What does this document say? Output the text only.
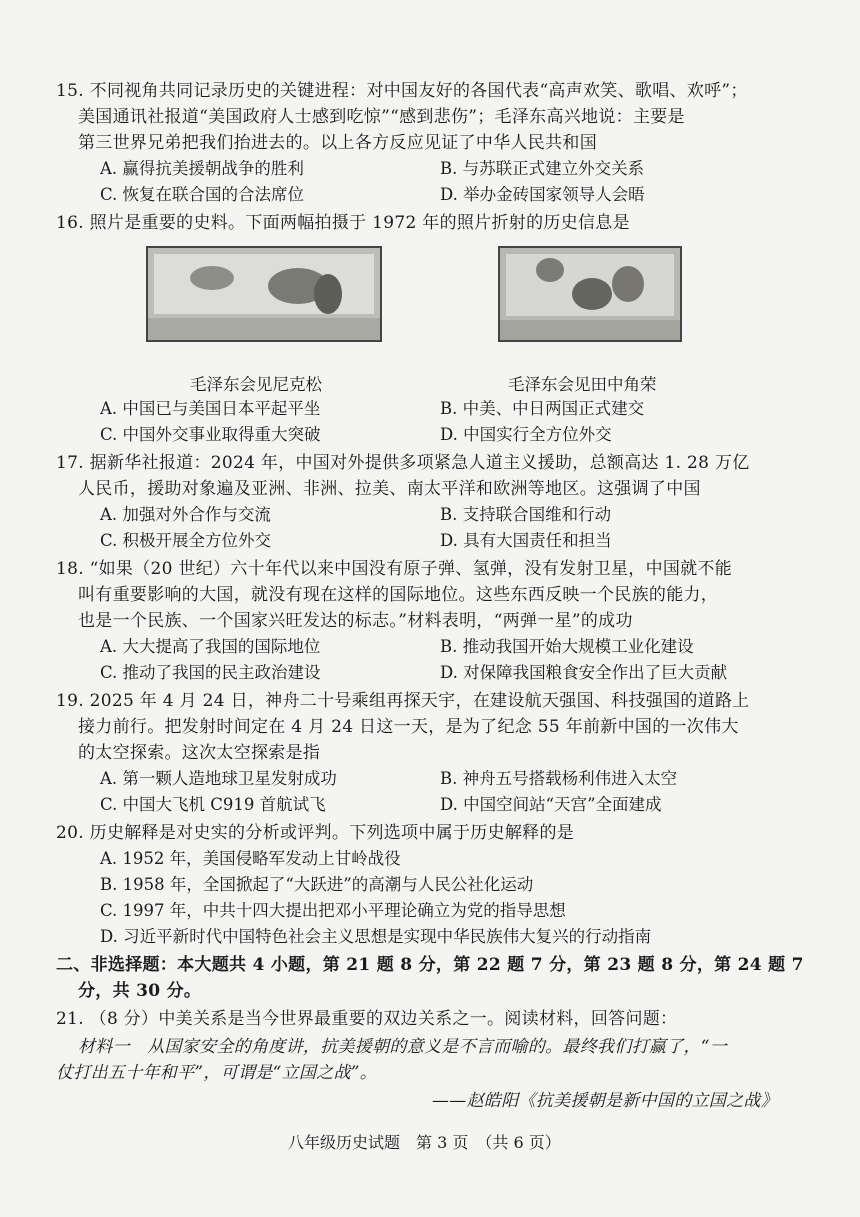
15. 不同视角共同记录历史的关键进程：对中国友好的各国代表“高声欢笑、歌唱、欢呼”；
美国通讯社报道“美国政府人士感到吃惊”“感到悲伤”；毛泽东高兴地说：主要是
第三世界兄弟把我们抬进去的。以上各方反应见证了中华人民共和国
A. 赢得抗美援朝战争的胜利	B. 与苏联正式建立外交关系
C. 恢复在联合国的合法席位	D. 举办金砖国家领导人会晤
16. 照片是重要的史料。下面两幅拍摄于 1972 年的照片折射的历史信息是
毛泽东会见尼克松	毛泽东会见田中角荣
A. 中国已与美国日本平起平坐	B. 中美、中日两国正式建交
C. 中国外交事业取得重大突破	D. 中国实行全方位外交
17. 据新华社报道：2024 年，中国对外提供多项紧急人道主义援助，总额高达 1. 28 万亿
人民币，援助对象遍及亚洲、非洲、拉美、南太平洋和欧洲等地区。这强调了中国
A. 加强对外合作与交流	B. 支持联合国维和行动
C. 积极开展全方位外交	D. 具有大国责任和担当
18. “如果（20 世纪）六十年代以来中国没有原子弹、氢弹，没有发射卫星，中国就不能
叫有重要影响的大国，就没有现在这样的国际地位。这些东西反映一个民族的能力，
也是一个民族、一个国家兴旺发达的标志。”材料表明，“两弹一星”的成功
A. 大大提高了我国的国际地位	B. 推动我国开始大规模工业化建设
C. 推动了我国的民主政治建设	D. 对保障我国粮食安全作出了巨大贡献
19. 2025 年 4 月 24 日，神舟二十号乘组再探天宇，在建设航天强国、科技强国的道路上
接力前行。把发射时间定在 4 月 24 日这一天，是为了纪念 55 年前新中国的一次伟大
的太空探索。这次太空探索是指
A. 第一颗人造地球卫星发射成功	B. 神舟五号搭载杨利伟进入太空
C. 中国大飞机 C919 首航试飞	D. 中国空间站“天宫”全面建成
20. 历史解释是对史实的分析或评判。下列选项中属于历史解释的是
A. 1952 年，美国侵略军发动上甘岭战役
B. 1958 年，全国掀起了“大跃进”的高潮与人民公社化运动
C. 1997 年，中共十四大提出把邓小平理论确立为党的指导思想
D. 习近平新时代中国特色社会主义思想是实现中华民族伟大复兴的行动指南
二、非选择题：本大题共 4 小题，第 21 题 8 分，第 22 题 7 分，第 23 题 8 分，第 24 题 7
分，共 30 分。
21. （8 分）中美关系是当今世界最重要的双边关系之一。阅读材料，回答问题：
材料一　从国家安全的角度讲，抗美援朝的意义是不言而喻的。最终我们打赢了，“一
仗打出五十年和平”，可谓是“立国之战”。
——赵皓阳《抗美援朝是新中国的立国之战》
八年级历史试题　第 3 页　（共 6 页）
